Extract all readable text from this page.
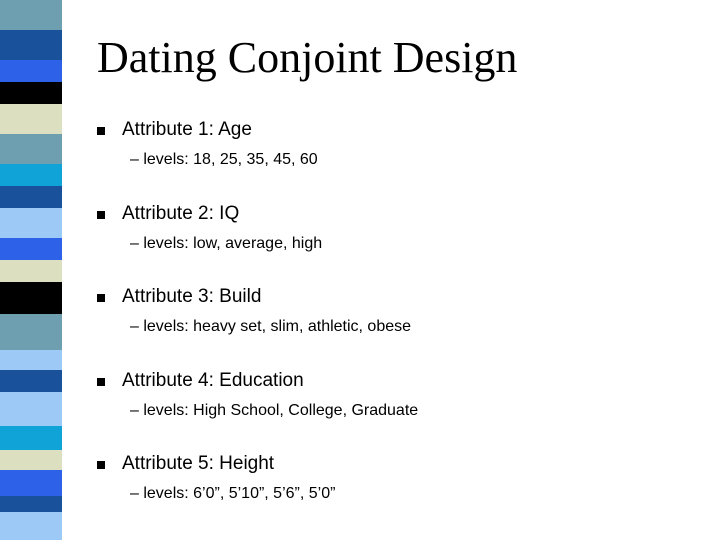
Dating Conjoint Design
Attribute 1: Age
– levels: 18, 25, 35, 45, 60
Attribute 2: IQ
– levels: low, average, high
Attribute 3: Build
– levels: heavy set, slim, athletic, obese
Attribute 4: Education
– levels: High School, College, Graduate
Attribute 5: Height
– levels: 6’0”, 5’10”, 5’6”, 5’0”
